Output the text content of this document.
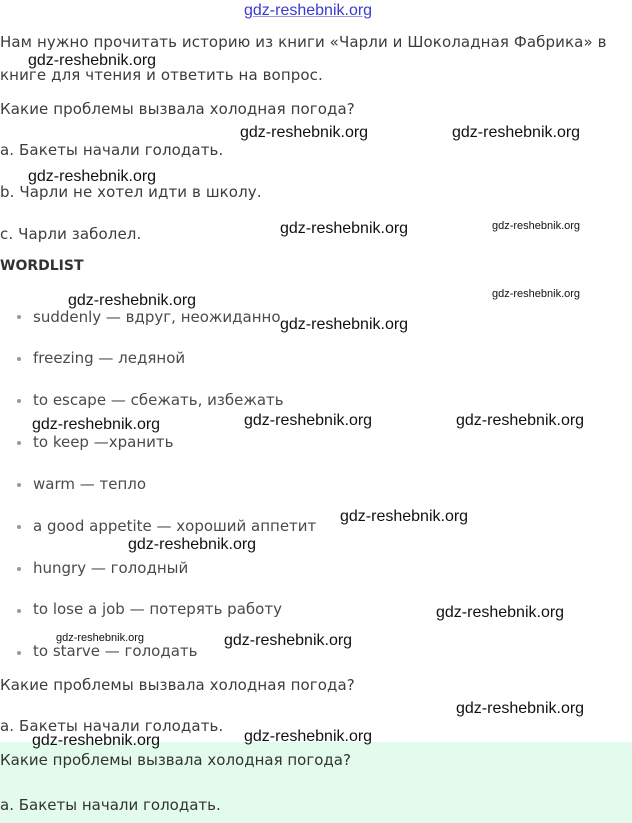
gdz-reshebnik.org
Нам нужно прочитать историю из книги «Чарли и Шоколадная Фабрика» в
книге для чтения и ответить на вопрос.
Какие проблемы вызвала холодная погода?
a. Бакеты начали голодать.
b. Чарли не хотел идти в школу.
c. Чарли заболел.
WORDLIST
suddenly — вдруг, неожиданно
freezing — ледяной
to escape — сбежать, избежать
to keep —хранить
warm — тепло
a good appetite — хороший аппетит
hungry — голодный
to lose a job — потерять работу
to starve — голодать
Какие проблемы вызвала холодная погода?
a. Бакеты начали голодать.
Какие проблемы вызвала холодная погода?
a. Бакеты начали голодать.
gdz-reshebnik.org
gdz-reshebnik.org	gdz-reshebnik.org
gdz-reshebnik.org
gdz-reshebnik.org	gdz-reshebnik.org
gdz-reshebnik.org
gdz-reshebnik.org
gdz-reshebnik.org
gdz-reshebnik.org	gdz-reshebnik.org
gdz-reshebnik.org
gdz-reshebnik.org
gdz-reshebnik.org
gdz-reshebnik.org
gdz-reshebnik.org	gdz-reshebnik.org
gdz-reshebnik.org
gdz-reshebnik.org	gdz-reshebnik.org
